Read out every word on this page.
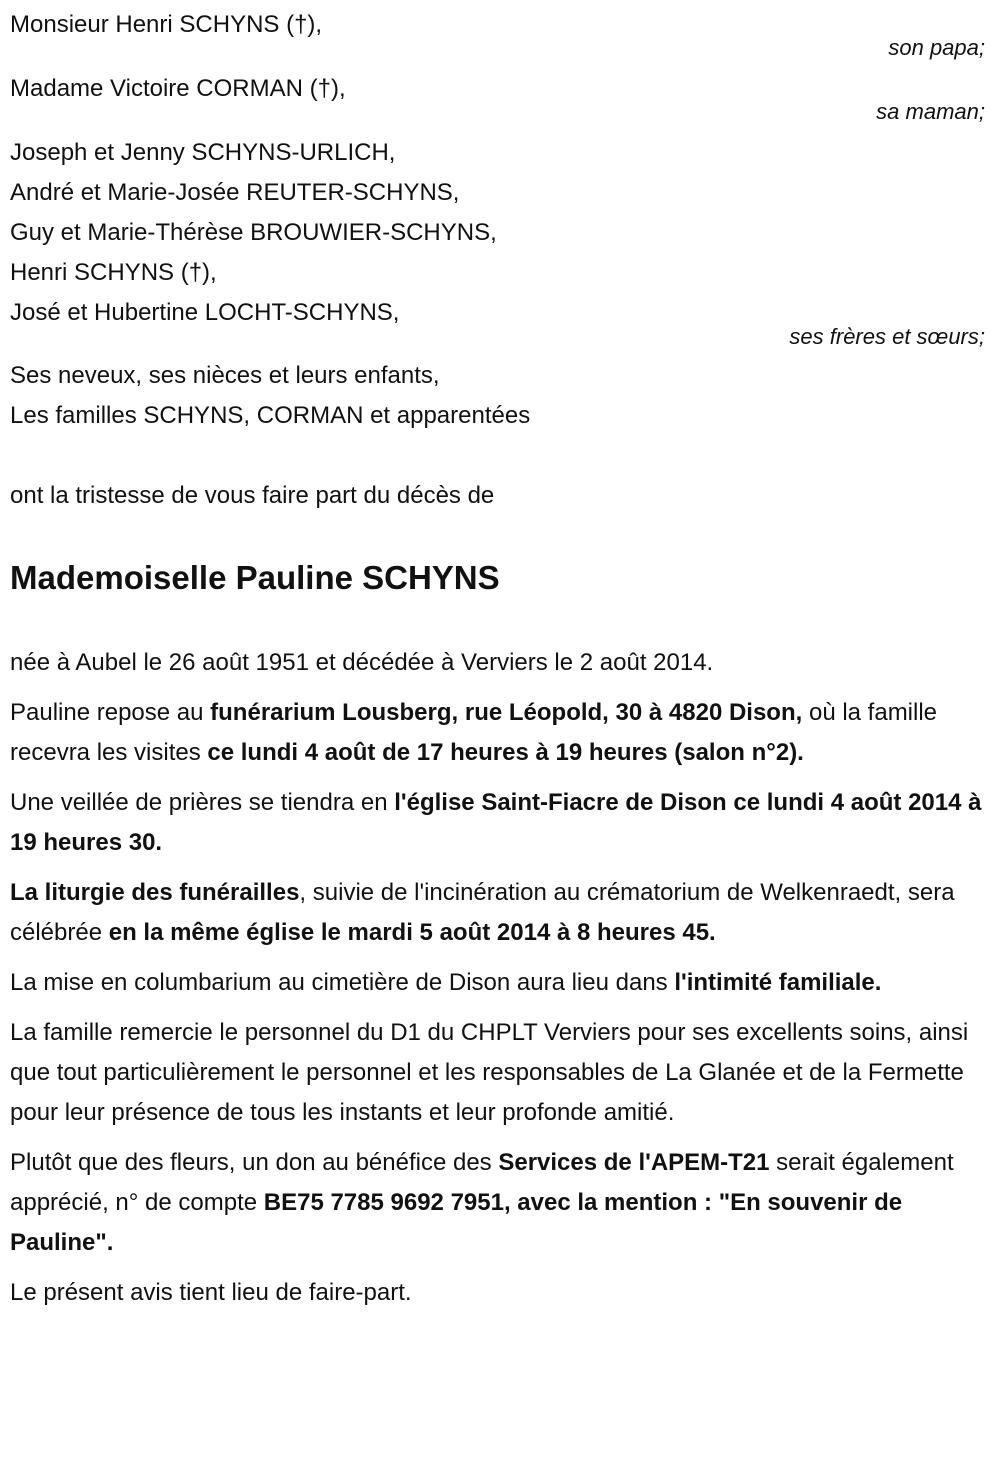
Monsieur Henri SCHYNS (†),
son papa;
Madame Victoire CORMAN (†),
sa maman;
Joseph et Jenny SCHYNS-URLICH,
André et Marie-Josée REUTER-SCHYNS,
Guy et Marie-Thérèse BROUWIER-SCHYNS,
Henri SCHYNS (†),
José et Hubertine LOCHT-SCHYNS,
ses frères et sœurs;
Ses neveux, ses nièces et leurs enfants,
Les familles SCHYNS, CORMAN et apparentées
ont la tristesse de vous faire part du décès de
Mademoiselle Pauline SCHYNS
née à Aubel le 26 août 1951 et décédée à Verviers le 2 août 2014.
Pauline repose au funérarium Lousberg, rue Léopold, 30 à 4820 Dison, où la famille recevra les visites ce lundi 4 août de 17 heures à 19 heures (salon n°2).
Une veillée de prières se tiendra en l'église Saint-Fiacre de Dison ce lundi 4 août 2014 à 19 heures 30.
La liturgie des funérailles, suivie de l'incinération au crématorium de Welkenraedt, sera célébrée en la même église le mardi 5 août 2014 à 8 heures 45.
La mise en columbarium au cimetière de Dison aura lieu dans l'intimité familiale.
La famille remercie le personnel du D1 du CHPLT Verviers pour ses excellents soins, ainsi que tout particulièrement le personnel et les responsables de La Glanée et de la Fermette pour leur présence de tous les instants et leur profonde amitié.
Plutôt que des fleurs, un don au bénéfice des Services de l'APEM-T21 serait également apprécié, n° de compte BE75 7785 9692 7951, avec la mention : "En souvenir de Pauline".
Le présent avis tient lieu de faire-part.
